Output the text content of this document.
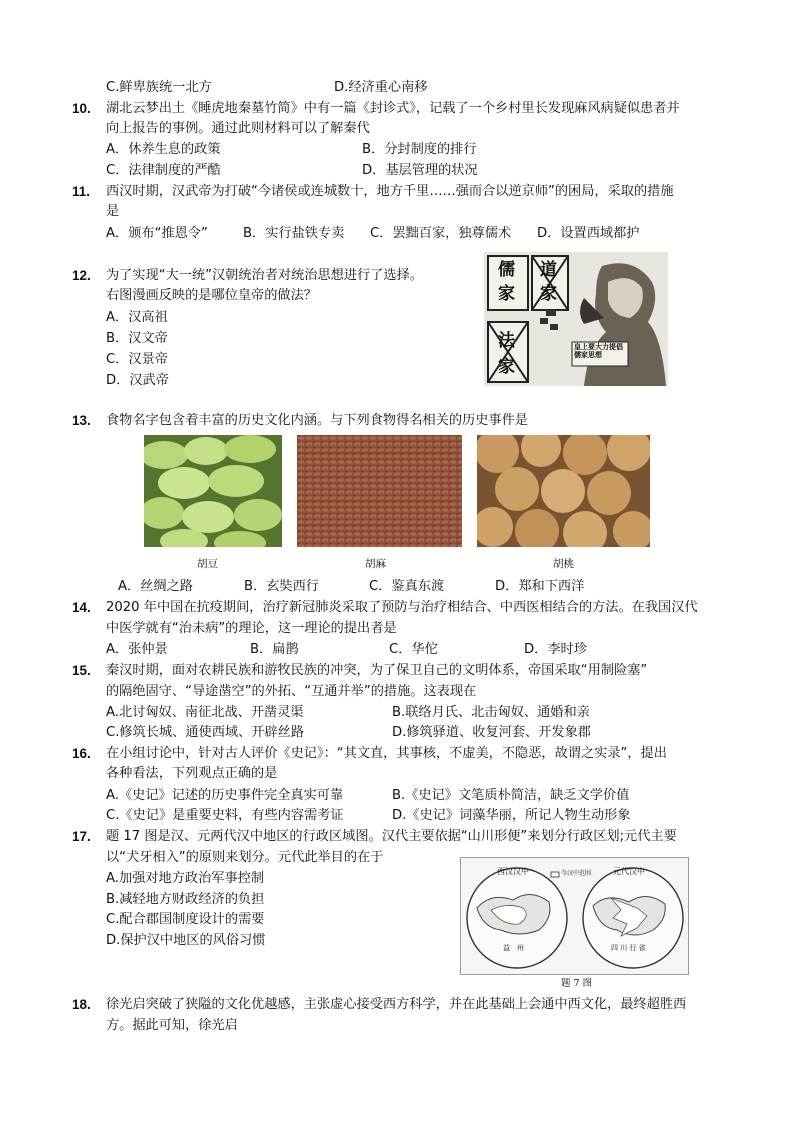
C.鲜卑族统一北方	D.经济重心南移
10. 湖北云梦出土《睡虎地秦墓竹简》中有一篇《封诊式》，记载了一个乡村里长发现麻风病疑似患者并
向上报告的事例。通过此则材料可以了解秦代
A．休养生息的政策	B．分封制度的排行
C．法律制度的严酷	D．基层管理的状况
11. 西汉时期，汉武帝为打破“今诸侯或连城数十，地方千里……强而合以逆京师”的困局，采取的措施
是
A．颁布“推恩令”	B．实行盐铁专卖 C．罢黜百家，独尊儒术 D．设置西域都护
12. 为了实现“大一统”汉朝统治者对统治思想进行了选择。
右图漫画反映的是哪位皇帝的做法？
A．汉高祖
B．汉文帝
C．汉景帝
D．汉武帝
儒家
道家
法家
皇上要大力提倡儒家思想
13. 食物名字包含着丰富的历史文化内涵。与下列食物得名相关的历史事件是
胡豆	胡麻	胡桃
A．丝绸之路	B．玄奘西行	C．鉴真东渡	D．郑和下西洋
14. 2020 年中国在抗疫期间，治疗新冠肺炎采取了预防与治疗相结合、中西医相结合的方法。在我国汉代
中医学就有“治未病”的理论，这一理论的提出者是
A．张仲景	B．扁鹊	C．华佗	D．李时珍
15. 秦汉时期，面对农耕民族和游牧民族的冲突，为了保卫自己的文明体系，帝国采取“用制险塞”
的隔绝固守、“导途凿空”的外拓、“互通并举”的措施。这表现在
A.北讨匈奴、南征北战、开凿灵渠	B.联络月氏、北击匈奴、通婚和亲
C.修筑长城、通使西域、开辟丝路	D.修筑驿道、收复河套、开发象郡
16. 在小组讨论中，针对古人评价《史记》：“其文直，其事核，不虚美，不隐恶，故谓之实录”，提出
各种看法，下列观点正确的是
A.《史记》记述的历史事件完全真实可靠	B.《史记》文笔质朴简洁，缺乏文学价值
C.《史记》是重要史料，有些内容需考证	D.《史记》词藻华丽，所记人物生动形象
17. 题 17 图是汉、元两代汉中地区的行政区域图。汉代主要依据“山川形便”来划分行政区划;元代主要
以“犬牙相入”的原则来划分。元代此举目的在于
A.加强对地方政治军事控制
B.减轻地方财政经济的负担
C.配合郡国制度设计的需要
D.保护汉中地区的风俗习惯
西汉汉中	元代汉中
今汉中范围
益　州	四 川 行 省
题 7 图
18. 徐光启突破了狭隘的文化优越感，主张虚心接受西方科学，并在此基础上会通中西文化，最终超胜西
方。据此可知，徐光启
